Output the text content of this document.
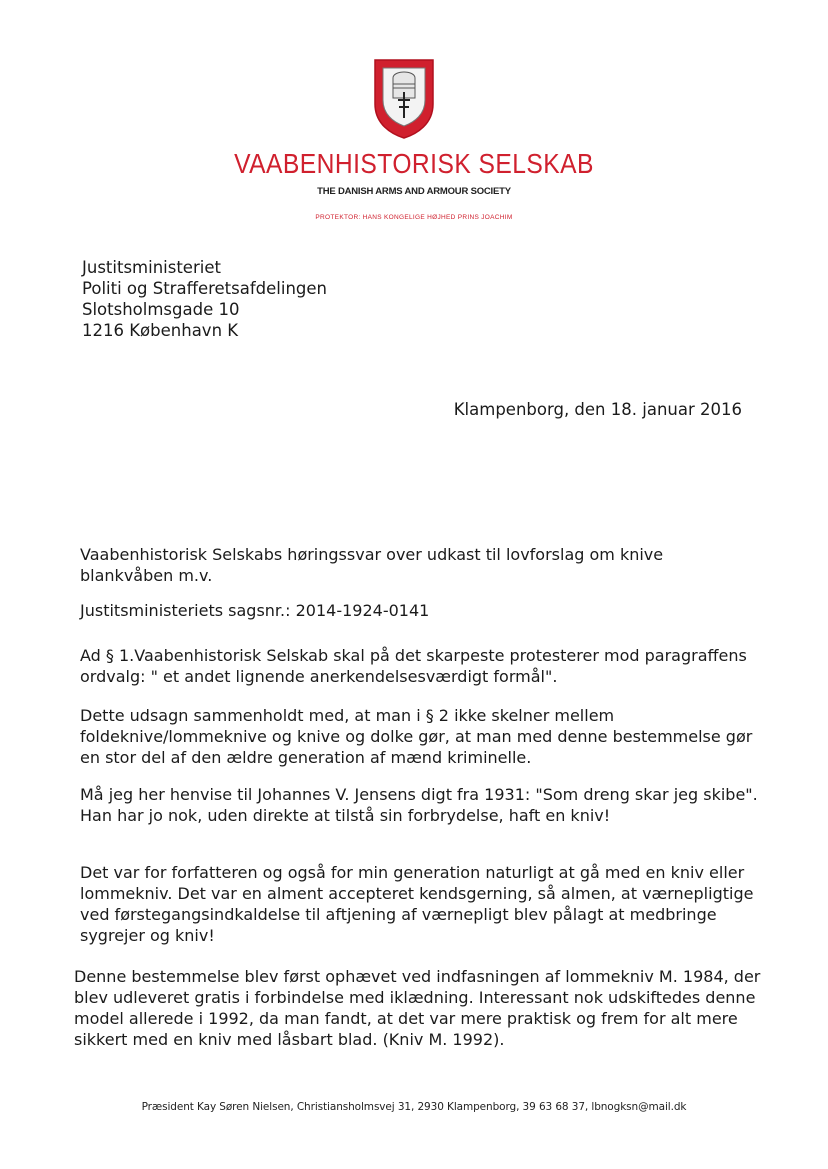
VAABENHISTORISK SELSKAB
THE DANISH ARMS AND ARMOUR SOCIETY
PROTEKTOR: HANS KONGELIGE HØJHED PRINS JOACHIM
Justitsministeriet
Politi og Strafferetsafdelingen
Slotsholmsgade 10
1216 København K
Klampenborg, den 18. januar 2016

Vaabenhistorisk Selskabs høringssvar over udkast til lovforslag om knive blankvåben m.v.

Justitsministeriets sagsnr.: 2014-1924-0141

Ad § 1.Vaabenhistorisk Selskab skal på det skarpeste protesterer mod paragraffens ordvalg: " et andet lignende anerkendelsesværdigt formål".

Dette udsagn sammenholdt med, at man i § 2 ikke skelner mellem foldeknive/lommeknive og knive og dolke gør, at man med denne bestemmelse gør en stor del af den ældre generation af mænd kriminelle.

Må jeg her henvise til Johannes V. Jensens digt fra 1931: "Som dreng skar jeg skibe". Han har jo nok, uden direkte at tilstå sin forbrydelse, haft en kniv!

Det var for forfatteren og også for min generation naturligt at gå med en kniv eller lommekniv. Det var en alment accepteret kendsgerning, så almen, at værnepligtige ved førstegangsindkaldelse til aftjening af værnepligt blev pålagt at medbringe sygrejer og kniv!

Denne bestemmelse blev først ophævet ved indfasningen af lommekniv M. 1984, der blev udleveret gratis i forbindelse med iklædning. Interessant nok udskiftedes denne model allerede i 1992, da man fandt, at det var mere praktisk og frem for alt mere sikkert med en kniv med låsbart blad. (Kniv M. 1992).

Præsident Kay Søren Nielsen, Christiansholmsvej 31, 2930 Klampenborg, 39 63 68 37, lbnogksn@mail.dk
